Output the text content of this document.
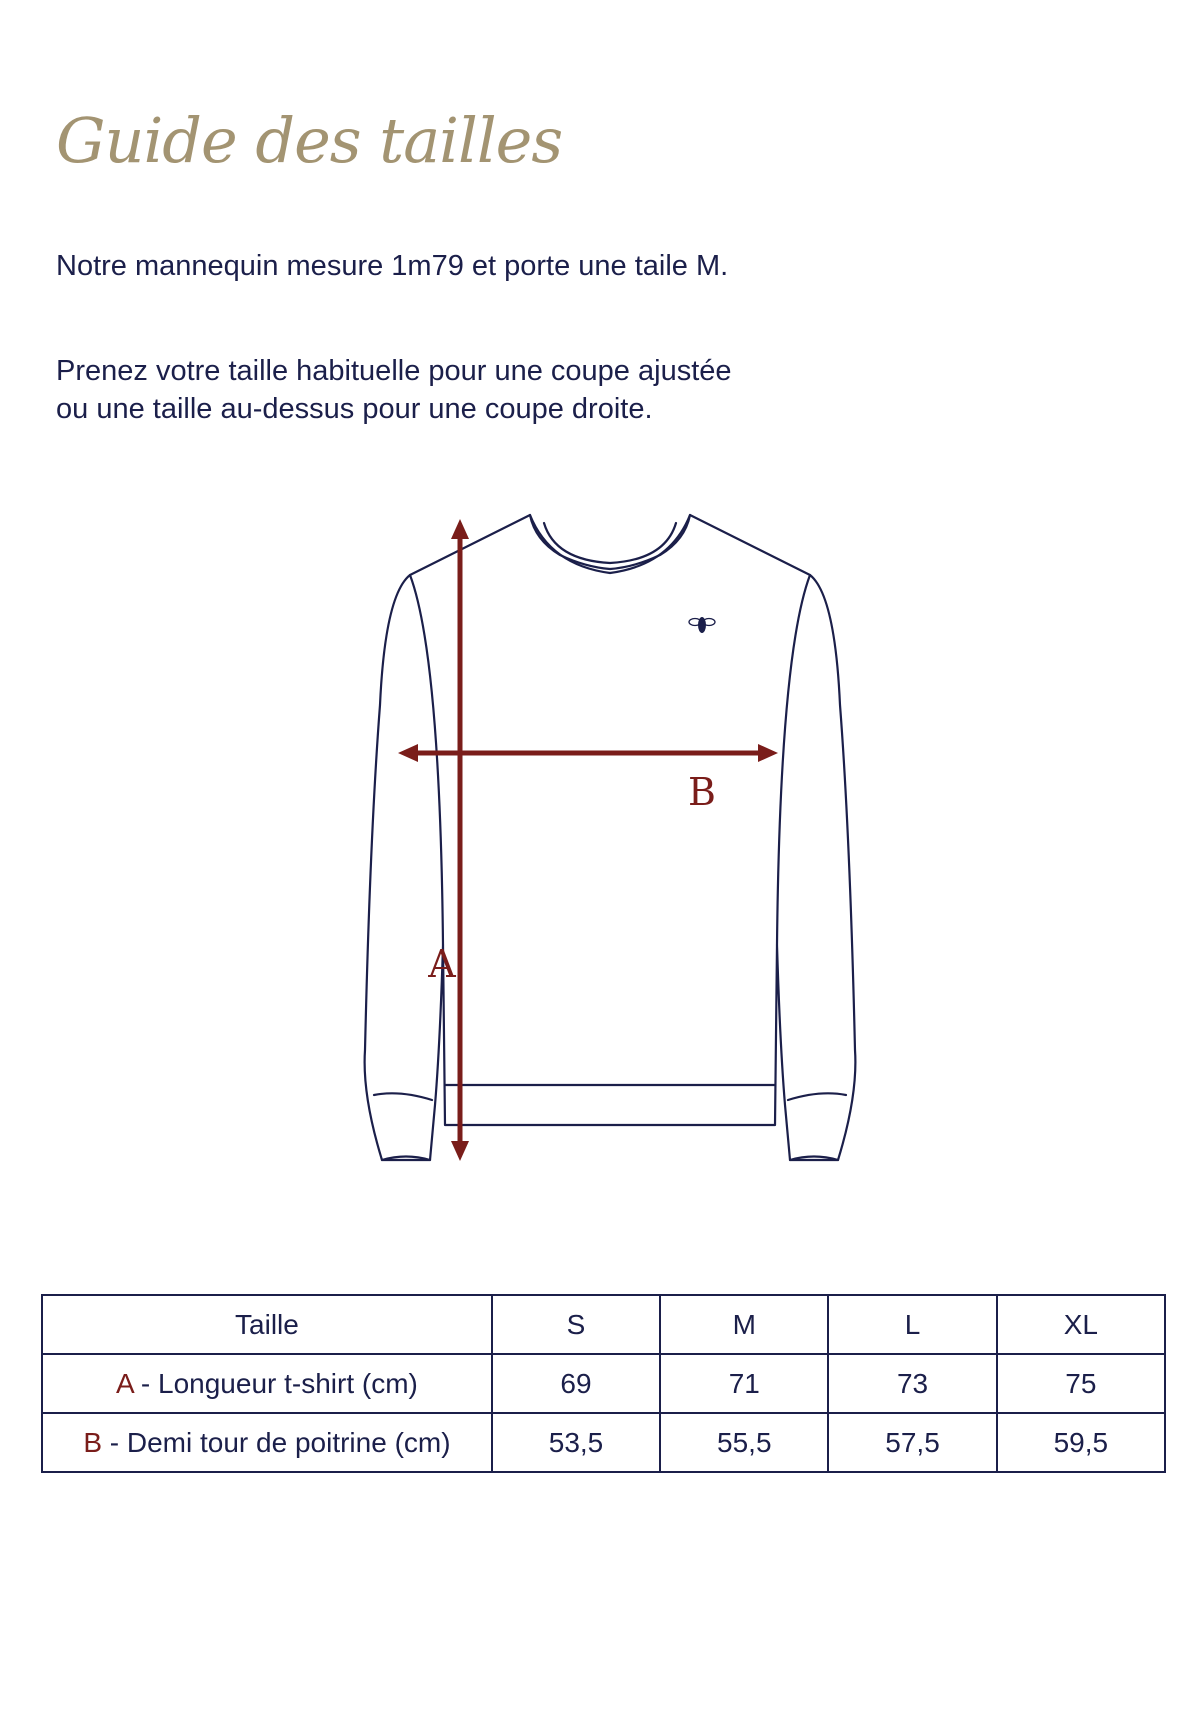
Guide des tailles
Notre mannequin mesure 1m79 et porte une taile M.
Prenez votre taille habituelle pour une coupe ajustée
ou une taille au-dessus pour une coupe droite.
B
A
Taille	S	M	L	XL
A - Longueur t-shirt (cm)	69	71	73	75
B - Demi tour de poitrine (cm)	53,5	55,5	57,5	59,5
